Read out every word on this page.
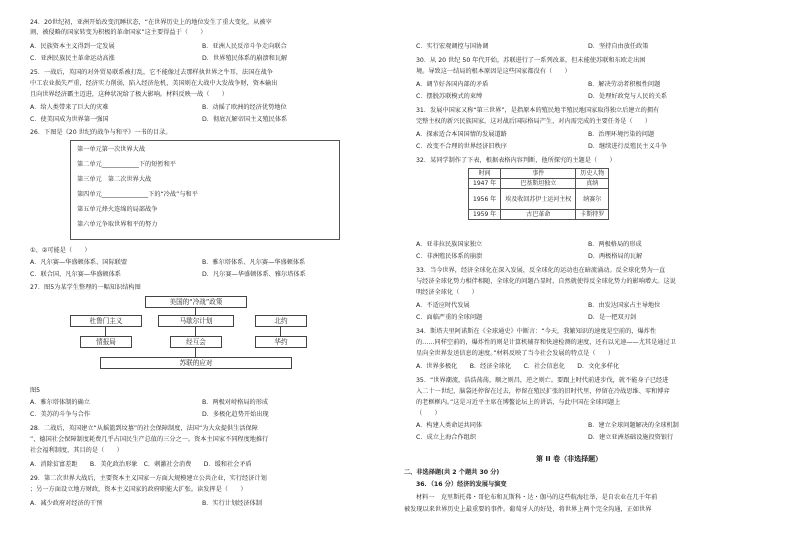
24．20世纪初，亚洲开始改变沉睡状态，“在世界历史上的地位发生了重大变化，从被宰
割、被侵略的国家转变为积极的革命国家”这主要得益于（　　）
A．民族资本主义得到一定发展	B．亚洲人民反帝斗争走向联合
C．亚洲民族民主革命运动高涨	D．世界殖民体系的崩溃和瓦解
25．一战后，英国的对外贸易联系被打乱，它不能像过去那样执世界之牛耳，法国在战争
中工农业损失严重，经济实力削弱，陷入经济危机，美国则在大战中大发战争财，资本输出
且向世界经济霸主迈进，这种状况给了极大影响。材料反映一战（　　）
A．给人类带来了巨大的灾难	B．动摇了欧洲的经济优势地位
C．使美国成为世界第一强国	D．彻底瓦解帝国主义殖民体系
26．下图是《20 世纪的战争与和平》一书的目录。
第一单元第一次世界大战
第二单元____________下的短暂和平
第三单元　第二次世界大战
第四单元_______________下的“冷战”与和平
第五单元烽火连绵的局部战争
第六单元争取世界和平的努力
①、②可能是（　　）
A．凡尔赛—华盛顿体系、国际联盟	B．雅尔塔体系、凡尔赛—华盛顿体系
C．联合国、凡尔赛—华盛顿体系	D．凡尔赛—华盛顿体系、雅尔塔体系
27．图5为某学生整理的一幅知识结构图
美国的“冷战”政策
杜鲁门主义	马歇尔计划	北约
情报局	经互会	华约
苏联的应对
图5
A．雅尔塔体制的确立	B．两极对峙格局的形成
C．美苏的斗争与合作	D．多极化趋势开始出现
28．二战后，英国建立“从摇篮到坟墓”的社会保障制度，法国“为大众提供生活保障
”，德国社会保障制度耗费几乎占国民生产总值的三分之一。资本主国家不同程度地推行
社会福利制度，其目的是（　　）
A．消除贫富差距　　B．美化政治形象　C．刺激社会消费　　D．缓和社会矛盾
29．第二次世界大战后，主要资本主义国家一方面大规模建立公共企业，实行经济计划
；另一方面设立地方财政，资本主义国家的政府职能大扩张。读发挥是（　　）
A．减少政府对经济的干预	B．实行计划经济体制
C．实行宏观调控与国协调	D．坚持自由放任政策
30．从 20 世纪 50 年代开始，苏联进行了一系列改革，但未能使苏联和东欧走出困
境。导致这一结局的根本原因是这些国家都没有（　　）
A．调节好各国内部的矛盾	B．解决劳动者积极性问题
C．摆脱苏联模式的束缚	D．处理好政党与人民的关系
31．发展中国家又称“第三世界”，是指原本的殖民地半殖民地国家取得独立后建立的拥有
完整主权的新兴民族国家，这对战后国际格局产生，对内需完成的主要任务是（　　）
A．探索适合本国国情的发展道路	B．治理环境污染的问题
C．改变不合理的世界经济旧秩序	D．继续进行反殖民主义斗争
32．某同学制作了下表，根据表格内容判断，他所探究的主题是（　　）
时间	事件	历史人物
1947 年	巴基斯坦独立	真纳
1956 年	埃及收回苏伊士运河主权	纳赛尔
1959 年	古巴革命	卡斯特罗
A．亚非拉民族国家独立	B．两极格局的形成
C．非洲殖民体系的崩溃	D．两极格局的瓦解
33．当今世界，经济全球化在深入发展，反全球化的运动也在暗流涌动。反全球化势为一直
与经济全球化势力相伴相随，全球化的问题凸显时，自然就使得反全球化势力的影响增大。这说
明经济全球化（　　）
A．不适应时代发展	B．由发达国家占主导地位
C．面临严重的全球问题	D．是一把双刃剑
34．斯塔夫里阿诺斯在《全球通史》中断言：“今天，我繁知识的速度是空前的，爆炸性
的……同样空前的，爆炸性的则是计算机辅存和快速检测的速度，还有以光速——尤其是通过卫
星向全世界发送信息的速度。”材料反映了当今社会发展的特点是（　　）
A．世界多极化　　B．经济全球化　　C．社会信息化　　D．文化多样化
35．“世界潮流，浩浩荡荡，顺之则昌，逆之则亡。要跟上时代前进步伐，就不能身子已经进
入二十一世纪，脑袋还停留在过去，停留在殖民扩张的旧时代里，停留在冷战思维、零和博弈
的老框框内。”这是习近平主席在博鳌论坛上的讲话，与此中国在全球问题上
（　　）
A．构建人类命运共同体	B．建立全球问题解决的全球机制
C．成立上海合作组织	D．建立亚洲基础设施投资银行
第 II 卷（非选择题）
二、非选择题(共 2 个题共 30 分)
36．（16 分）经济的发展与演变
材料一　克里斯托弗・哥伦布和瓦斯科・达・伽马的这些航海壮举，是自农业在几千年前
被发现以来世界历史上最重要的事件。葡萄牙人的好处，将世界上两个完全沟通，正如世界
